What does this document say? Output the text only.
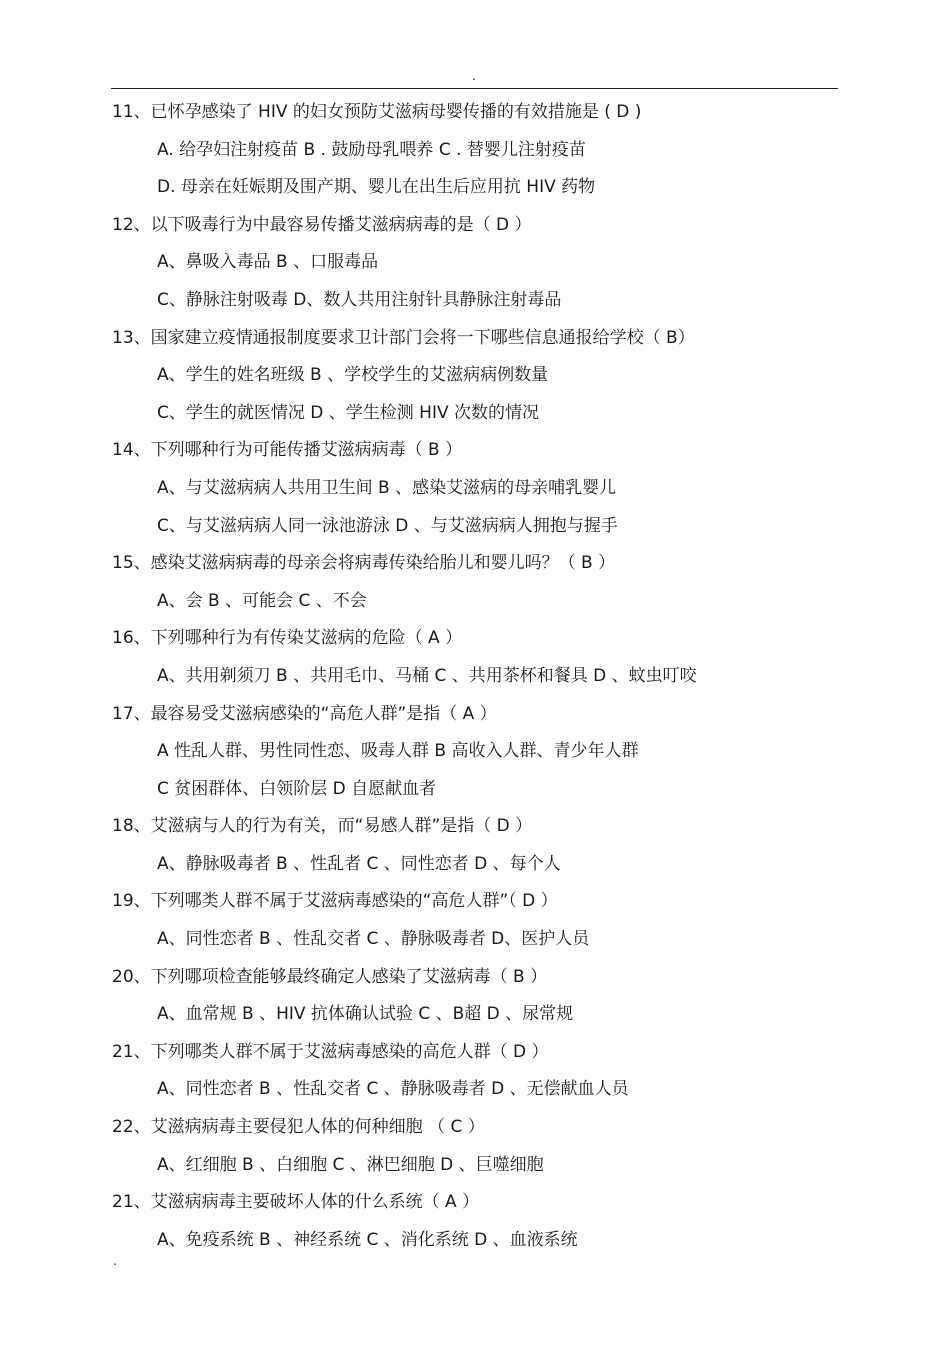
.
11、已怀孕感染了 HIV 的妇女预防艾滋病母婴传播的有效措施是 ( D )
A. 给孕妇注射疫苗 B . 鼓励母乳喂养 C . 替婴儿注射疫苗
D. 母亲在妊娠期及围产期、婴儿在出生后应用抗 HIV 药物
12、以下吸毒行为中最容易传播艾滋病病毒的是（ D ）
A、鼻吸入毒品 B 、口服毒品
C、静脉注射吸毒 D、数人共用注射针具静脉注射毒品
13、国家建立疫情通报制度要求卫计部门会将一下哪些信息通报给学校（ B）
A、学生的姓名班级 B 、学校学生的艾滋病病例数量
C、学生的就医情况 D 、学生检测 HIV 次数的情况
14、下列哪种行为可能传播艾滋病病毒（ B ）
A、与艾滋病病人共用卫生间 B 、感染艾滋病的母亲哺乳婴儿
C、与艾滋病病人同一泳池游泳 D 、与艾滋病病人拥抱与握手
15、感染艾滋病病毒的母亲会将病毒传染给胎儿和婴儿吗？（ B ）
A、会 B 、可能会 C 、不会
16、下列哪种行为有传染艾滋病的危险（ A ）
A、共用剃须刀 B 、共用毛巾、马桶 C 、共用茶杯和餐具 D 、蚊虫叮咬
17、最容易受艾滋病感染的“高危人群”是指（ A ）
A 性乱人群、男性同性恋、吸毒人群 B 高收入人群、青少年人群
C 贫困群体、白领阶层 D 自愿献血者
18、艾滋病与人的行为有关，而“易感人群”是指（ D ）
A、静脉吸毒者 B 、性乱者 C 、同性恋者 D 、每个人
19、下列哪类人群不属于艾滋病毒感染的“高危人群”（ D ）
A、同性恋者 B 、性乱交者 C 、静脉吸毒者 D、医护人员
20、下列哪项检查能够最终确定人感染了艾滋病毒（ B ）
A、血常规 B 、HIV 抗体确认试验 C 、B超 D 、尿常规
21、下列哪类人群不属于艾滋病毒感染的高危人群（ D ）
A、同性恋者 B 、性乱交者 C 、静脉吸毒者 D 、无偿献血人员
22、艾滋病病毒主要侵犯人体的何种细胞 （ C ）
A、红细胞 B 、白细胞 C 、淋巴细胞 D 、巨噬细胞
21、艾滋病病毒主要破坏人体的什么系统（ A ）
A、免疫系统 B 、神经系统 C 、消化系统 D 、血液系统
.
